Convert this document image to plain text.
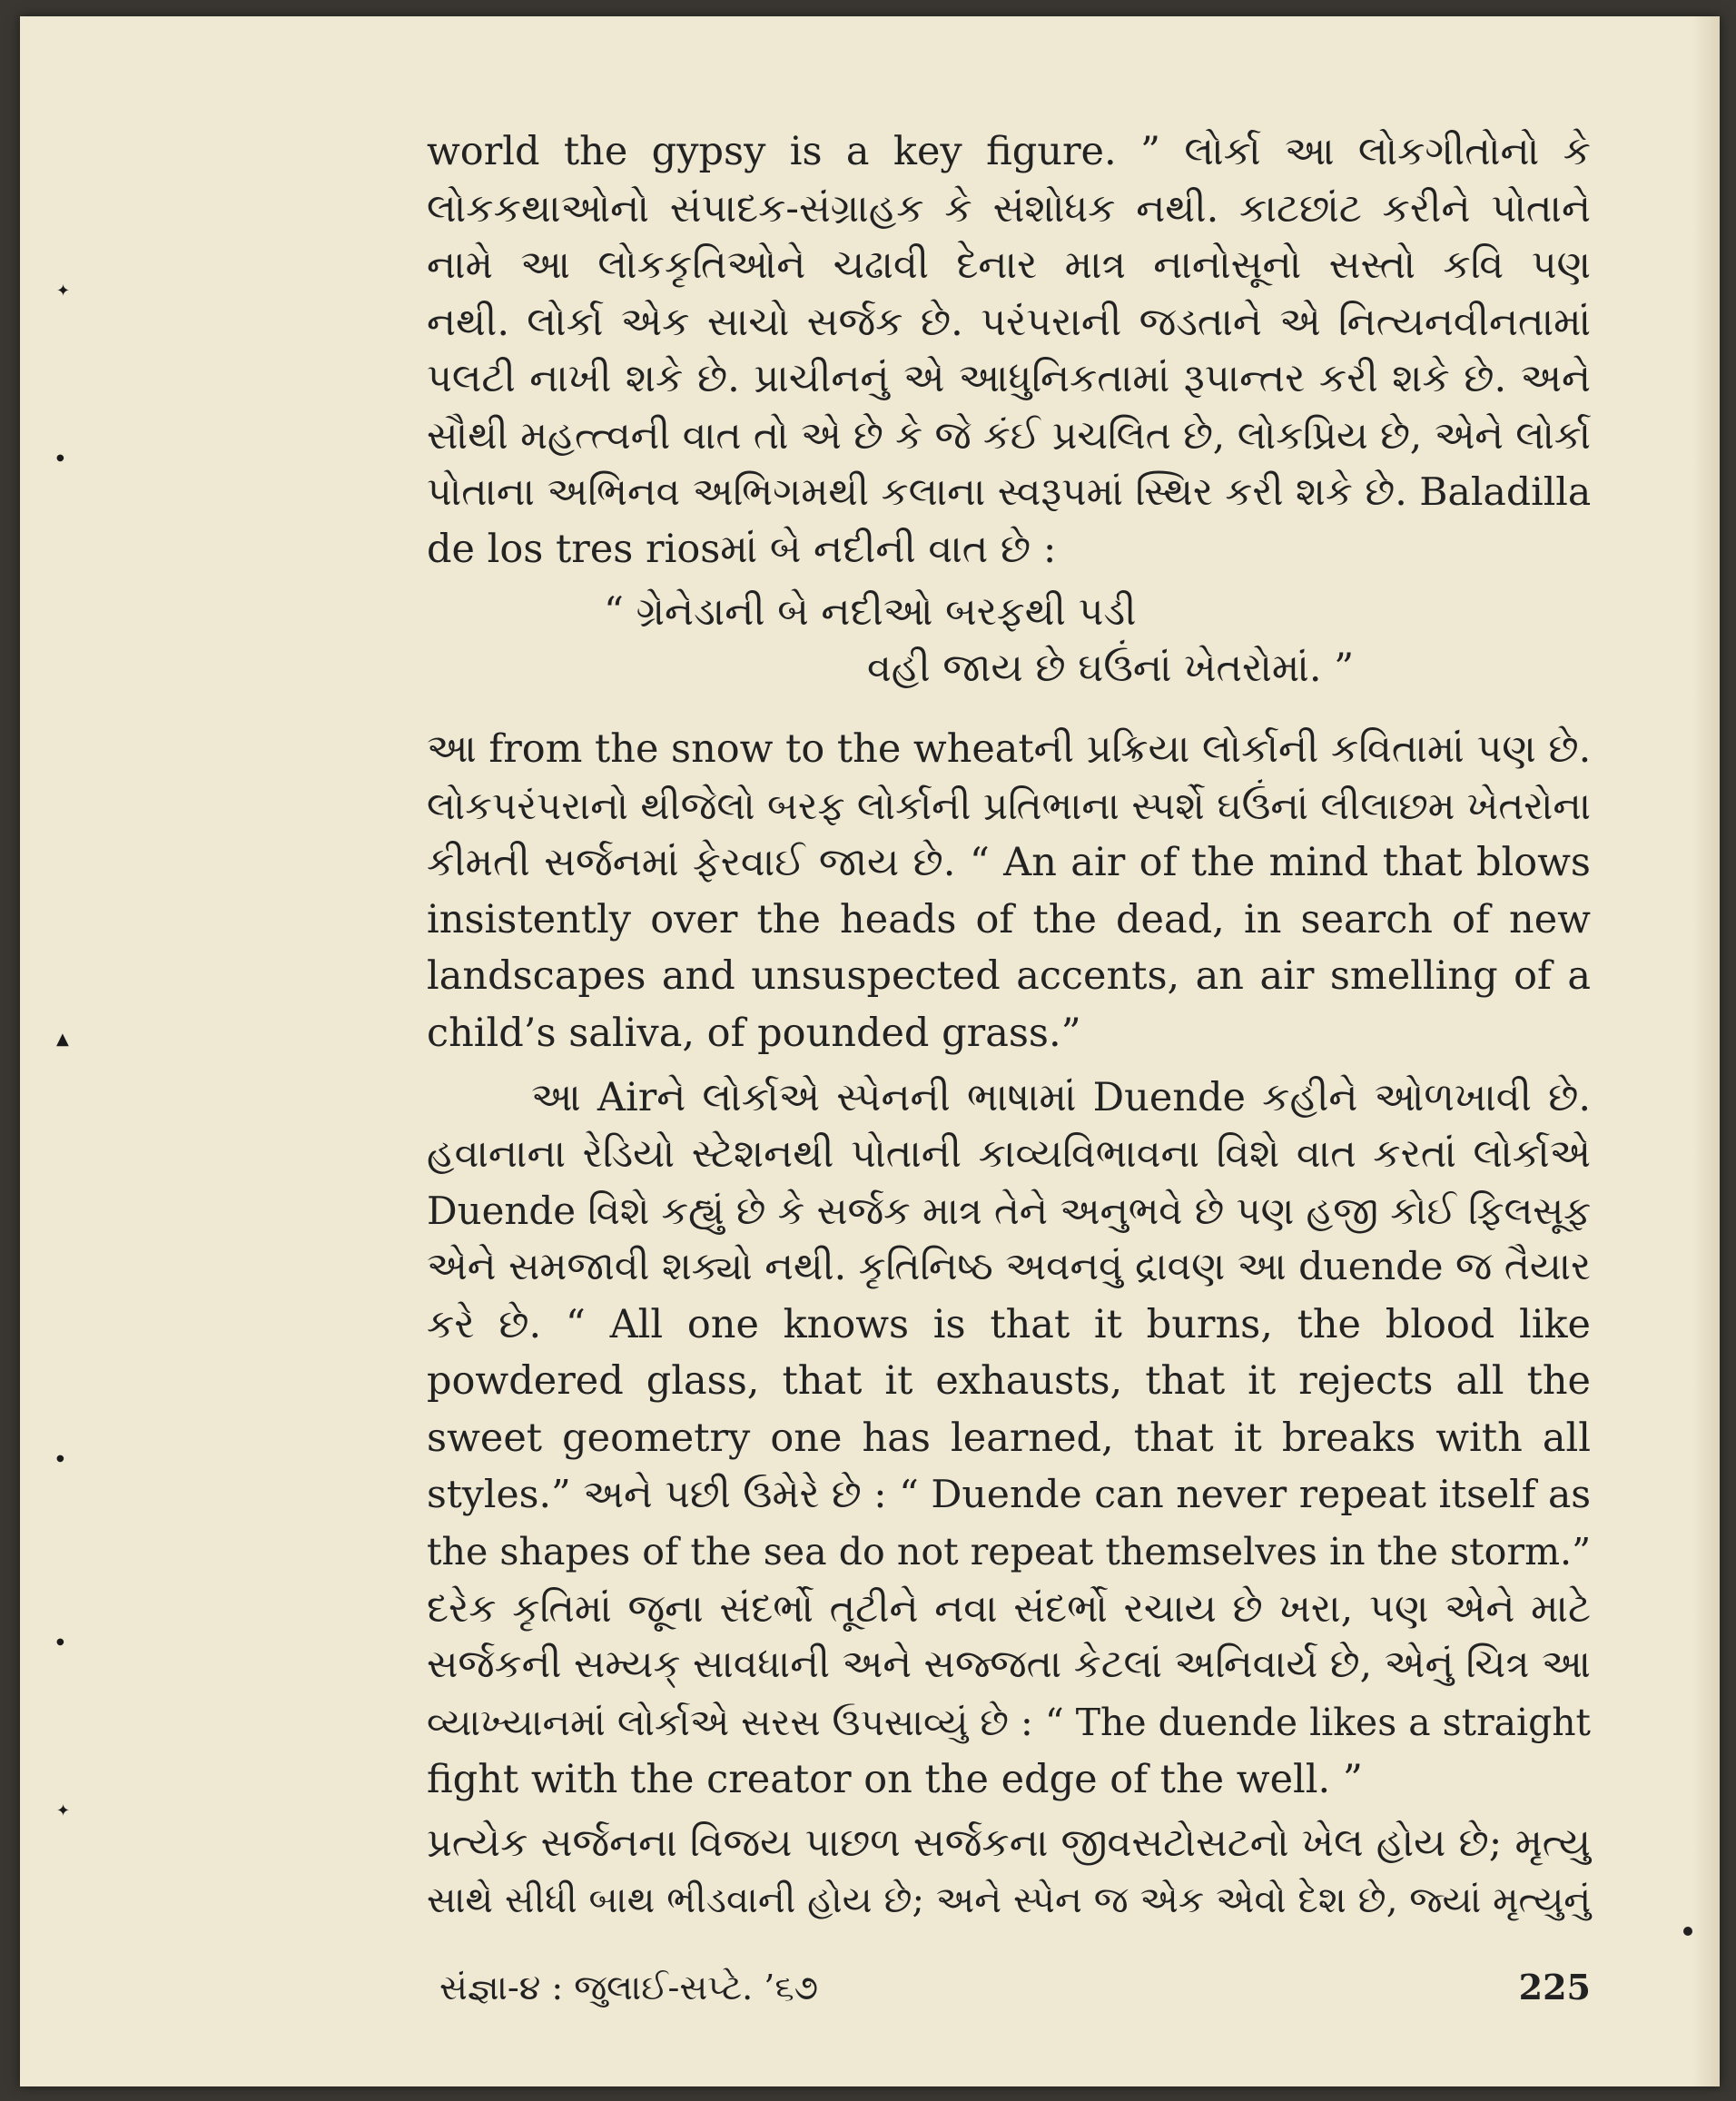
✦
●
▲
●
●
✦
world the gypsy is a key figure. ” લોર્કા આ લોકગીતોનો કે
લોકકથાઓનો સંપાદક-સંગ્રાહક કે સંશોધક નથી. કાટછાંટ કરીને પોતાને
નામે આ લોકકૃતિઓને ચઢાવી દેનાર માત્ર નાનોસૂનો સસ્તો કવિ પણ
નથી. લોર્કા એક સાચો સર્જક છે. પરંપરાની જડતાને એ નિત્યનવીનતામાં
પલટી નાખી શકે છે. પ્રાચીનનું એ આધુનિકતામાં રૂપાન્તર કરી શકે છે. અને
સૌથી મહત્ત્વની વાત તો એ છે કે જે કંઈ પ્રચલિત છે, લોકપ્રિય છે, એને લોર્કા
પોતાના અભિનવ અભિગમથી કલાના સ્વરૂપમાં સ્થિર કરી શકે છે. Baladilla
de los tres riosમાં બે નદીની વાત છે :
“ ગ્રેનેડાની બે નદીઓ બરફથી પડી
વહી જાય છે ઘઉંનાં ખેતરોમાં. ”
આ from the snow to the wheatની પ્રક્રિયા લોર્કાની કવિતામાં પણ છે.
લોકપરંપરાનો થીજેલો બરફ લોર્કાની પ્રતિભાના સ્પર્શે ઘઉંનાં લીલાછમ ખેતરોના
કીમતી સર્જનમાં ફેરવાઈ જાય છે. “ An air of the mind that blows
insistently over the heads of the dead, in search of new
landscapes and unsuspected accents, an air smelling of a
child’s saliva, of pounded grass.”
આ Airને લોર્કાએ સ્પેનની ભાષામાં Duende કહીને ઓળખાવી છે.
હવાનાના રેડિયો સ્ટેશનથી પોતાની કાવ્યવિભાવના વિશે વાત કરતાં લોર્કાએ
Duende વિશે કહ્યું છે કે સર્જક માત્ર તેને અનુભવે છે પણ હજી કોઈ ફિલસૂફ
એને સમજાવી શક્યો નથી. કૃતિનિષ્ઠ અવનવું દ્રાવણ આ duende જ તૈયાર
કરે છે. “ All one knows is that it burns, the blood like
powdered glass, that it exhausts, that it rejects all the
sweet geometry one has learned, that it breaks with all
styles.” અને પછી ઉમેરે છે : “ Duende can never repeat itself as
the shapes of the sea do not repeat themselves in the storm.”
દરેક કૃતિમાં જૂના સંદર્ભો તૂટીને નવા સંદર્ભો રચાય છે ખરા, પણ એને માટે
સર્જકની સમ્યક્ સાવધાની અને સજ્જતા કેટલાં અનિવાર્ય છે, એનું ચિત્ર આ
વ્યાખ્યાનમાં લોર્કાએ સરસ ઉપસાવ્યું છે : “ The duende likes a straight
fight with the creator on the edge of the well. ”
પ્રત્યેક સર્જનના વિજય પાછળ સર્જકના જીવસટોસટનો ખેલ હોય છે; મૃત્યુ
સાથે સીધી બાથ ભીડવાની હોય છે; અને સ્પેન જ એક એવો દેશ છે, જ્યાં મૃત્યુનું
સંજ્ઞા-૪ : જુલાઈ-સપ્ટે. ’૬૭	225
